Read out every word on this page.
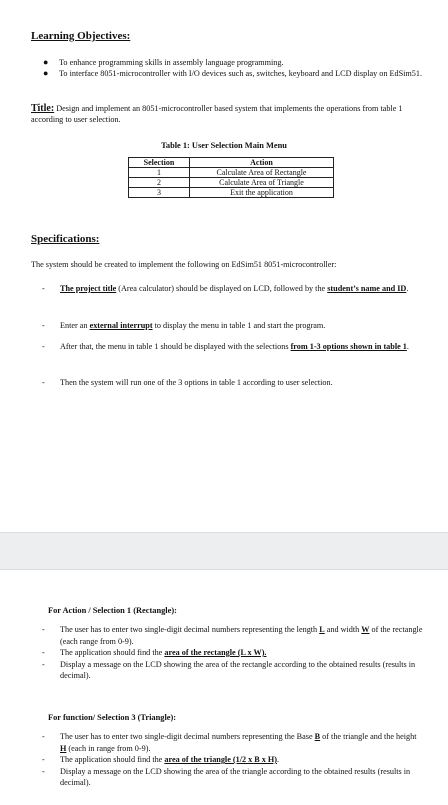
Learning Objectives:
● To enhance programming skills in assembly language programming.
● To interface 8051-microcontroller with I/O devices such as, switches, keyboard and LCD display on EdSim51.
Title: Design and implement an 8051-microcontroller based system that implements the operations from table 1 according to user selection.
Table 1: User Selection Main Menu
Selection	Action
1	Calculate Area of Rectangle
2	Calculate Area of Triangle
3	Exit the application
Specifications:
The system should be created to implement the following on EdSim51 8051-microcontroller:
- The project title (Area calculator) should be displayed on LCD, followed by the student’s name and ID.
- Enter an external interrupt to display the menu in table 1 and start the program.
- After that, the menu in table 1 should be displayed with the selections from 1-3 options shown in table 1.
- Then the system will run one of the 3 options in table 1 according to user selection.
For Action / Selection 1 (Rectangle):
- The user has to enter two single-digit decimal numbers representing the length L and width W of the rectangle (each range from 0-9).
- The application should find the area of the rectangle (L x W).
- Display a message on the LCD showing the area of the rectangle according to the obtained results (results in decimal).
For function/ Selection 3 (Triangle):
- The user has to enter two single-digit decimal numbers representing the Base B of the triangle and the height H (each in range from 0-9).
- The application should find the area of the triangle (1/2 x B x H).
- Display a message on the LCD showing the area of the triangle according to the obtained results (results in decimal).
